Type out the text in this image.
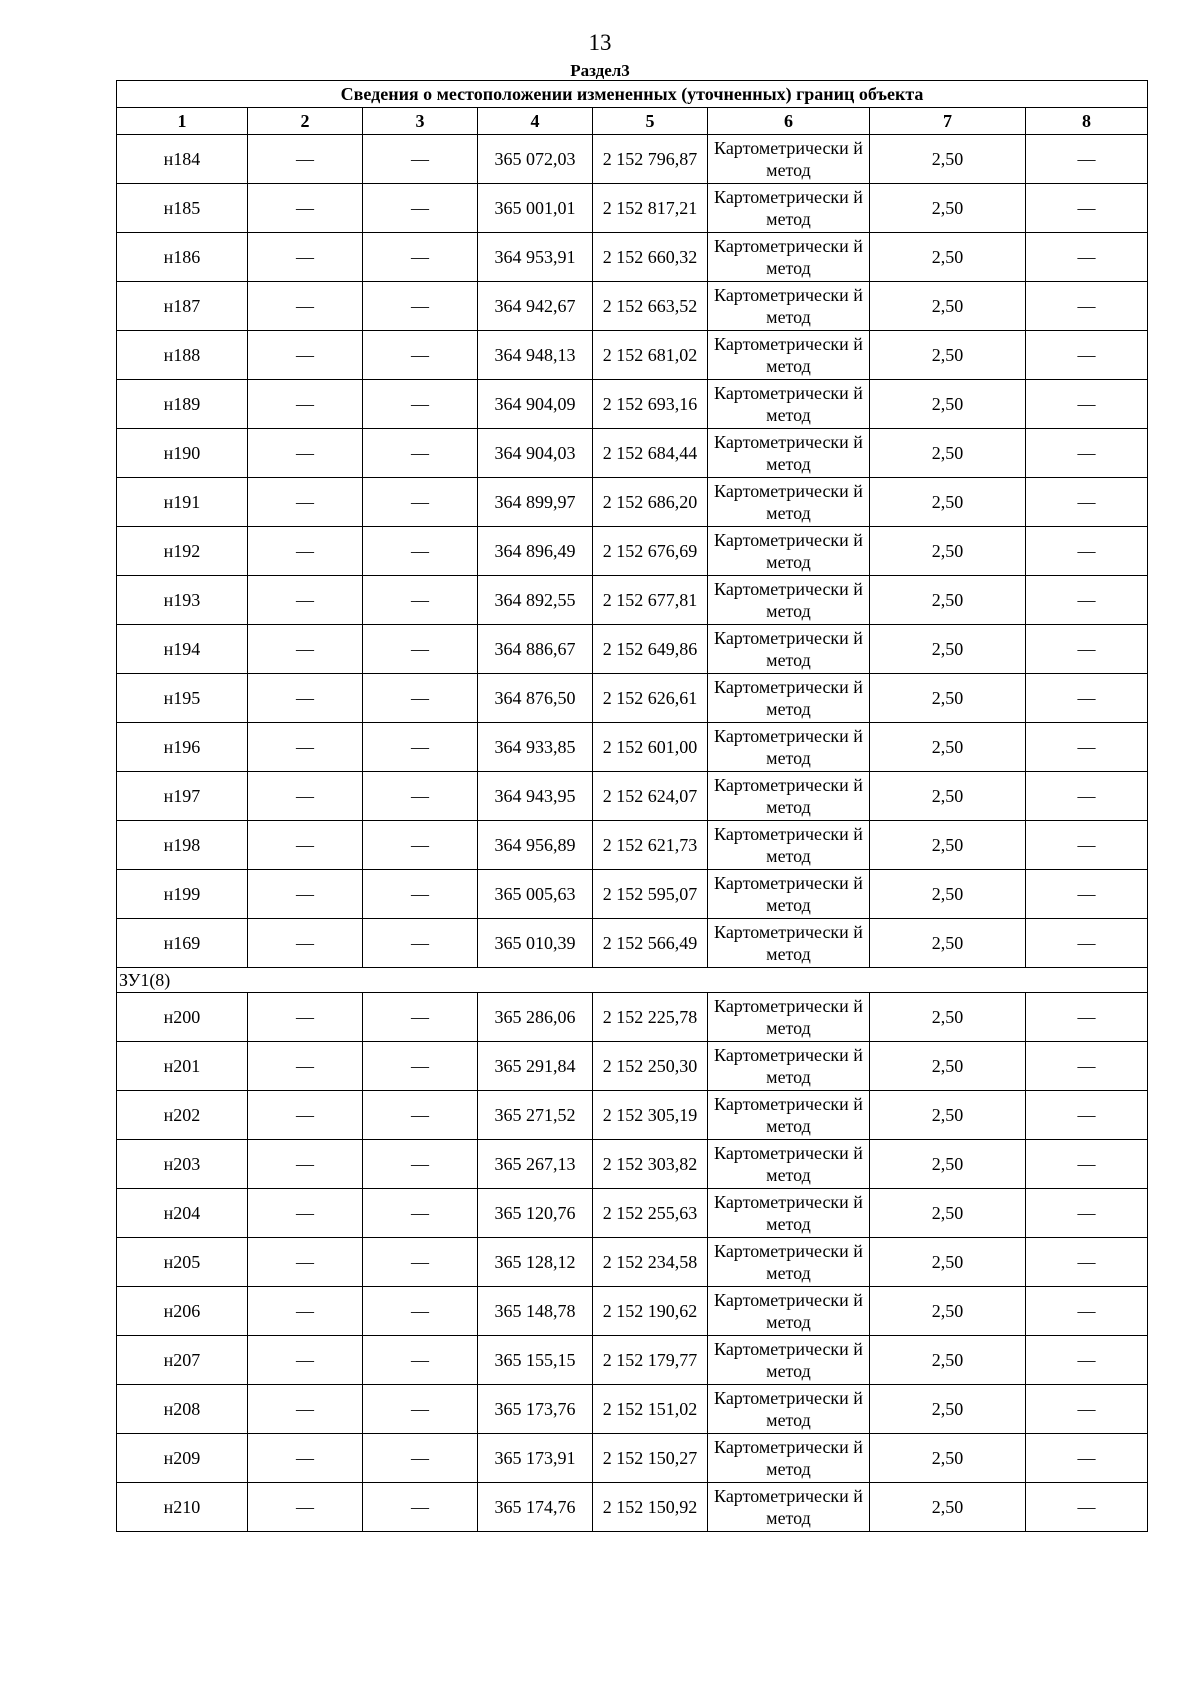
13
Раздел3
Сведения о местоположении измененных (уточненных) границ объекта							
1	2	3	4	5	6	7	8
н184	—	—	365 072,03	2 152 796,87	Картометрически й метод	2,50	—
н185	—	—	365 001,01	2 152 817,21	Картометрически й метод	2,50	—
н186	—	—	364 953,91	2 152 660,32	Картометрически й метод	2,50	—
н187	—	—	364 942,67	2 152 663,52	Картометрически й метод	2,50	—
н188	—	—	364 948,13	2 152 681,02	Картометрически й метод	2,50	—
н189	—	—	364 904,09	2 152 693,16	Картометрически й метод	2,50	—
н190	—	—	364 904,03	2 152 684,44	Картометрически й метод	2,50	—
н191	—	—	364 899,97	2 152 686,20	Картометрически й метод	2,50	—
н192	—	—	364 896,49	2 152 676,69	Картометрически й метод	2,50	—
н193	—	—	364 892,55	2 152 677,81	Картометрически й метод	2,50	—
н194	—	—	364 886,67	2 152 649,86	Картометрически й метод	2,50	—
н195	—	—	364 876,50	2 152 626,61	Картометрически й метод	2,50	—
н196	—	—	364 933,85	2 152 601,00	Картометрически й метод	2,50	—
н197	—	—	364 943,95	2 152 624,07	Картометрически й метод	2,50	—
н198	—	—	364 956,89	2 152 621,73	Картометрически й метод	2,50	—
н199	—	—	365 005,63	2 152 595,07	Картометрически й метод	2,50	—
н169	—	—	365 010,39	2 152 566,49	Картометрически й метод	2,50	—
ЗУ1(8)							
н200	—	—	365 286,06	2 152 225,78	Картометрически й метод	2,50	—
н201	—	—	365 291,84	2 152 250,30	Картометрически й метод	2,50	—
н202	—	—	365 271,52	2 152 305,19	Картометрически й метод	2,50	—
н203	—	—	365 267,13	2 152 303,82	Картометрически й метод	2,50	—
н204	—	—	365 120,76	2 152 255,63	Картометрически й метод	2,50	—
н205	—	—	365 128,12	2 152 234,58	Картометрически й метод	2,50	—
н206	—	—	365 148,78	2 152 190,62	Картометрически й метод	2,50	—
н207	—	—	365 155,15	2 152 179,77	Картометрически й метод	2,50	—
н208	—	—	365 173,76	2 152 151,02	Картометрически й метод	2,50	—
н209	—	—	365 173,91	2 152 150,27	Картометрически й метод	2,50	—
н210	—	—	365 174,76	2 152 150,92	Картометрически й метод	2,50	—
